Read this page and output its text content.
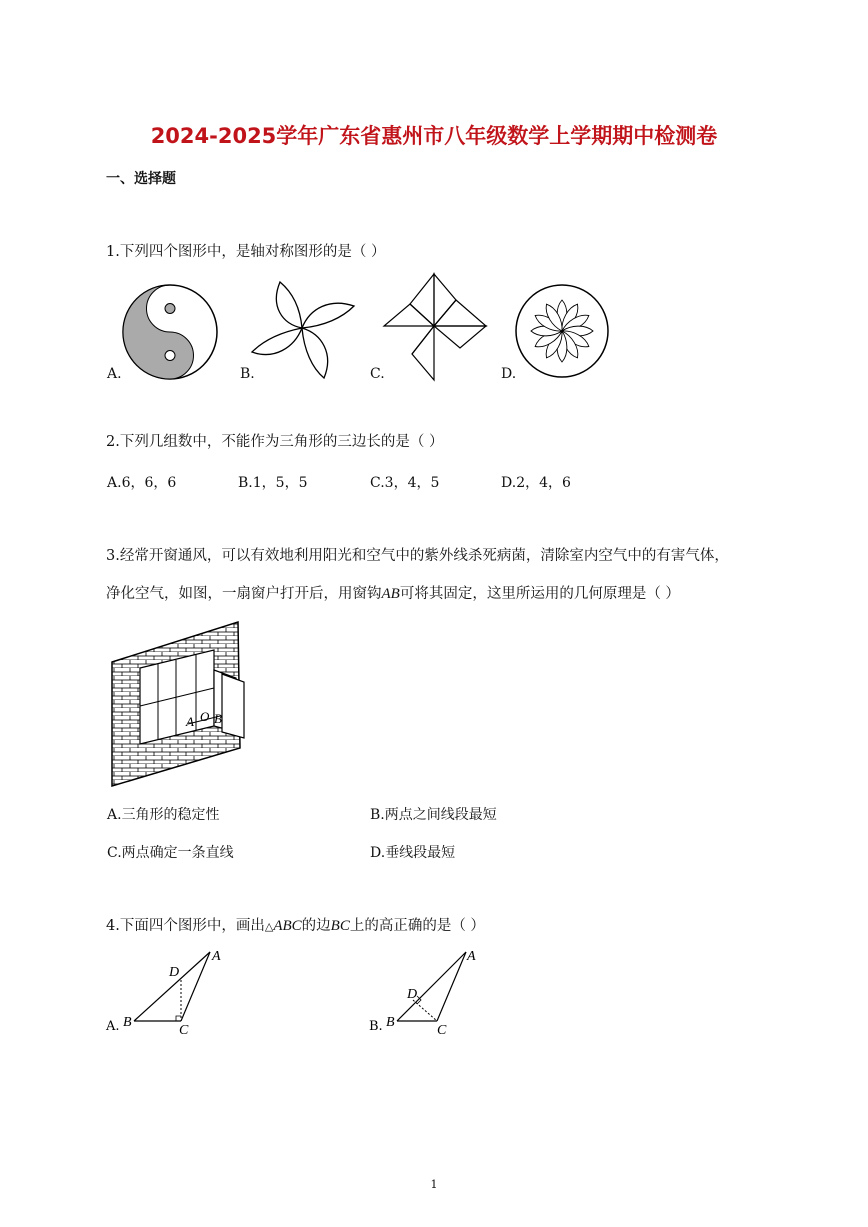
2024-2025学年广东省惠州市八年级数学上学期期中检测卷
一、选择题
1.下列四个图形中，是轴对称图形的是（ ）
A.	B.	C.	D.
2.下列几组数中，不能作为三角形的三边长的是（ ）
A.6，6，6	B.1，5，5	C.3，4，5	D.2，4，6
3.经常开窗通风，可以有效地利用阳光和空气中的紫外线杀死病菌，清除室内空气中的有害气体，
净化空气，如图，一扇窗户打开后，用窗钩AB可将其固定，这里所运用的几何原理是（ ）
A O B
A.三角形的稳定性	B.两点之间线段最短
C.两点确定一条直线	D.垂线段最短
4.下面四个图形中，画出△ABC的边BC上的高正确的是（ ）
A. B
C
A
D
B. B
C
A
D
1
